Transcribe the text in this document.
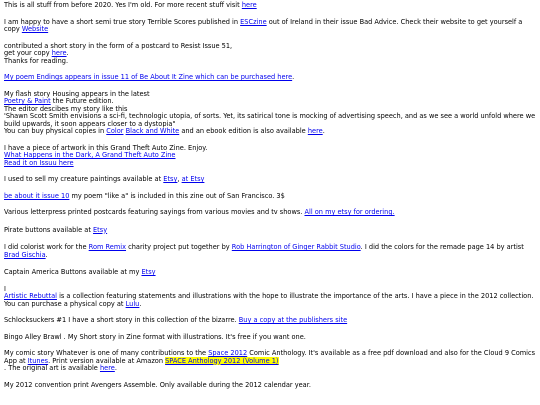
This is all stuff from before 2020. Yes I'm old. For more recent stuff visit here

I am happy to have a short semi true story Terrible Scores published in ESCzine out of Ireland in their issue Bad Advice. Check their website to get yourself a copy Website

contributed a short story in the form of a postcard to Resist Issue 51,
get your copy here.
Thanks for reading.

My poem Endings appears in issue 11 of Be About It Zine which can be purchased here.

My flash story Housing appears in the latest
Poetry & Paint the Future edition.
The editor descibes my story like this
'Shawn Scott Smith envisions a sci-fi, technologic utopia, of sorts. Yet, its satirical tone is mocking of advertising speech, and as we see a world unfold where we build upwards, it soon appears closer to a dystopia"
You can buy physical copies in Color Black and White and an ebook edition is also available here.

I have a piece of artwork in this Grand Theft Auto Zine. Enjoy.
What Happens in the Dark, A Grand Theft Auto Zine
Read it on Issuu here

I used to sell my creature paintings available at Etsy, at Etsy

be about it issue 10 my poem "like a" is included in this zine out of San Francisco. 3$

Various letterpress printed postcards featuring sayings from various movies and tv shows. All on my etsy for ordering.

Pirate buttons available at Etsy

I did colorist work for the Rom Remix charity project put together by Rob Harrington of Ginger Rabbit Studio. I did the colors for the remade page 14 by artist Brad Gischia.

Captain America Buttons available at my Etsy

I
Artistic Rebuttal is a collection featuring statements and illustrations with the hope to illustrate the importance of the arts. I have a piece in the 2012 collection. You can purchase a physical copy at Lulu.

Schlocksuckers #1 I have a short story in this collection of the bizarre. Buy a copy at the publishers site

Bingo Alley Brawl . My Short story in Zine format with illustrations. It's free if you want one.

My comic story Whatever is one of many contributions to the Space 2012 Comic Anthology. It's available as a free pdf download and also for the Cloud 9 Comics App at Itunes. Print version available at Amazon SPACE Anthology 2012 (Volume 1)
. The original art is available here.

My 2012 convention print Avengers Assemble. Only available during the 2012 calendar year.
